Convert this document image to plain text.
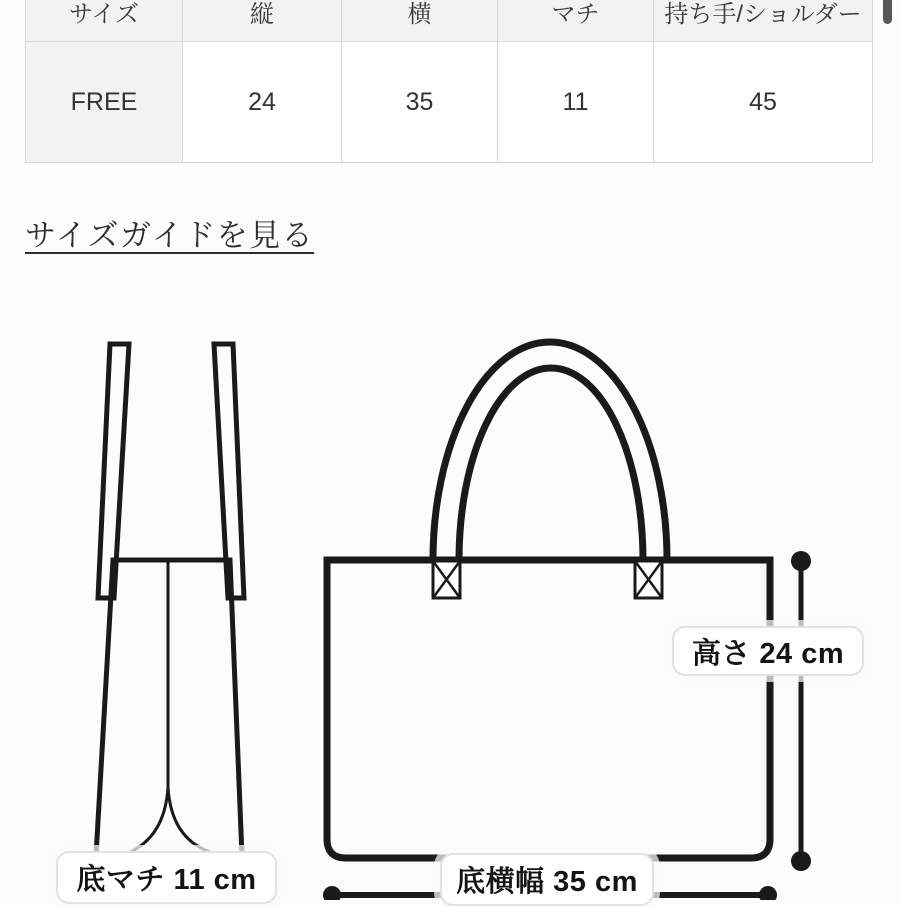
サイズ	縦	横	マチ	持ち手/ショルダー
FREE	24	35	11	45
サイズガイドを見る
高さ 24 cm
底マチ 11 cm	底横幅 35 cm
